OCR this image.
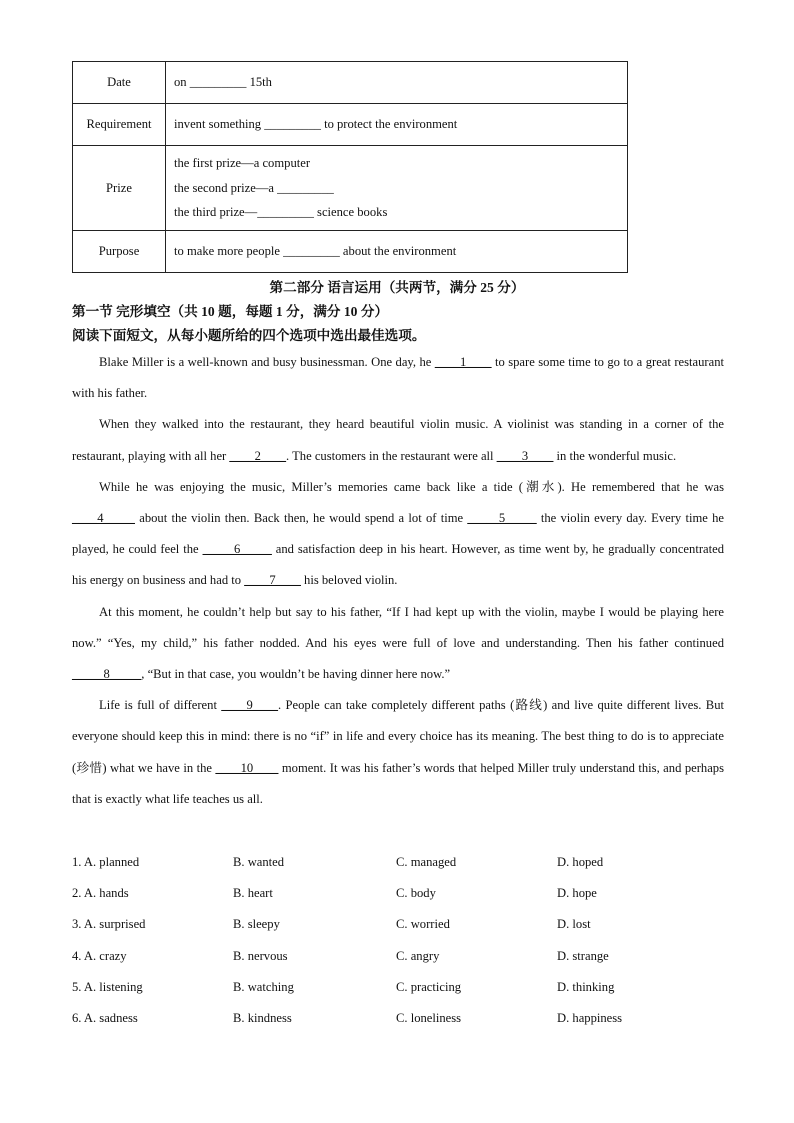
Date	on _________ 15th

Requirement	invent something _________ to protect the environment

Prize	the first prize—a computer
the second prize—a _________
the third prize—_________ science books

Purpose	to make more people _________ about the environment
第二部分 语言运用（共两节，满分 25 分）
第一节 完形填空（共 10 题，每题 1 分，满分 10 分）
阅读下面短文，从每小题所给的四个选项中选出最佳选项。

Blake Miller is a well-known and busy businessman. One day, he ____1____ to spare some time to go to a great restaurant with his father.

When they walked into the restaurant, they heard beautiful violin music. A violinist was standing in a corner of the restaurant, playing with all her ____2____. The customers in the restaurant were all ____3____ in the wonderful music.

While he was enjoying the music, Miller’s memories came back like a tide (潮水). He remembered that he was ____4_____ about the violin then. Back then, he would spend a lot of time _____5_____ the violin every day. Every time he played, he could feel the _____6_____ and satisfaction deep in his heart. However, as time went by, he gradually concentrated his energy on business and had to ____7____ his beloved violin.

At this moment, he couldn’t help but say to his father, “If I had kept up with the violin, maybe I would be playing here now.” “Yes, my child,” his father nodded. And his eyes were full of love and understanding. Then his father continued _____8_____, “But in that case, you wouldn’t be having dinner here now.”

Life is full of different ____9____. People can take completely different paths (路线) and live quite different lives. But everyone should keep this in mind: there is no “if” in life and every choice has its meaning. The best thing to do is to appreciate (珍惜) what we have in the ____10____ moment. It was his father’s words that helped Miller truly understand this, and perhaps that is exactly what life teaches us all.

1. A. planned	B. wanted	C. managed	D. hoped
2. A. hands	B. heart	C. body	D. hope
3. A. surprised	B. sleepy	C. worried	D. lost
4. A. crazy	B. nervous	C. angry	D. strange
5. A. listening	B. watching	C. practicing	D. thinking
6. A. sadness	B. kindness	C. loneliness	D. happiness
